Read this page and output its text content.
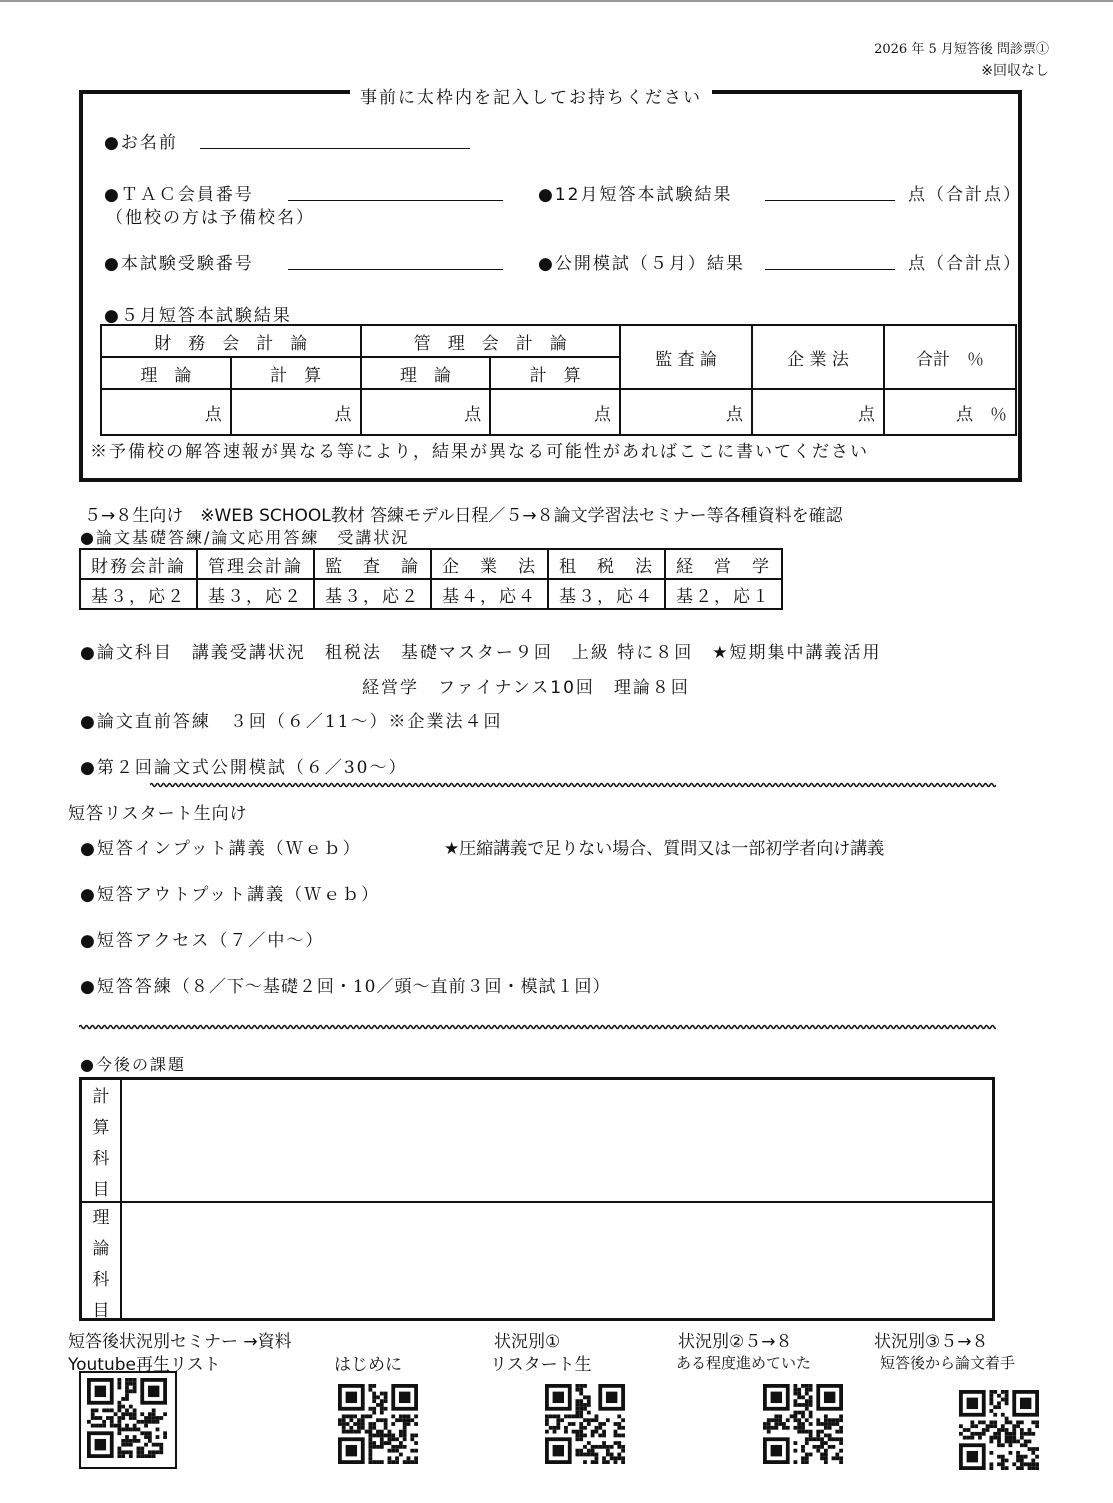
2026 年 5 月短答後 問診票①
※回収なし
事前に太枠内を記入してお持ちください
●お名前
●ＴＡＣ会員番号
（他校の方は予備校名）
●12月短答本試験結果	点（合計点）
●本試験受験番号	●公開模試（５月）結果	点（合計点）
●５月短答本試験結果
財　務　会　計　論		管　理　会　計　論		監 査 論	企 業 法	合計　％
理　論	計　算	理　論	計　算			
点	点	点	点	点	点	点　 ％
※予備校の解答速報が異なる等により，結果が異なる可能性があればここに書いてください
５→８生向け　※WEB SCHOOL教材 答練モデル日程／５→８論文学習法セミナー等各種資料を確認
●論文基礎答練/論文応用答練　受講状況
財務会計論	管理会計論	監　査　論	企　業　法	租　税　法	経　営　学
基３，応２	基３，応２	基３，応２	基４，応４	基３，応４	基２，応１
●論文科目　講義受講状況　租税法　基礎マスター９回　上級 特に８回　★短期集中講義活用
経営学　ファイナンス10回　理論８回
●論文直前答練　３回（６／11～）※企業法４回
●第２回論文式公開模試（６／30～）
短答リスタート生向け
●短答インプット講義（Ｗｅｂ）	★圧縮講義で足りない場合、質問又は一部初学者向け講義
●短答アウトプット講義（Ｗｅｂ）
●短答アクセス（７／中～）
●短答答練（８／下～基礎２回・10／頭～直前３回・模試１回）
●今後の課題
計
算
科
目
理
論
科
目
短答後状況別セミナー →資料
Youtube再生リスト	はじめに
状況別①
リスタート生
状況別②５→８
ある程度進めていた
状況別③５→８
短答後から論文着手
